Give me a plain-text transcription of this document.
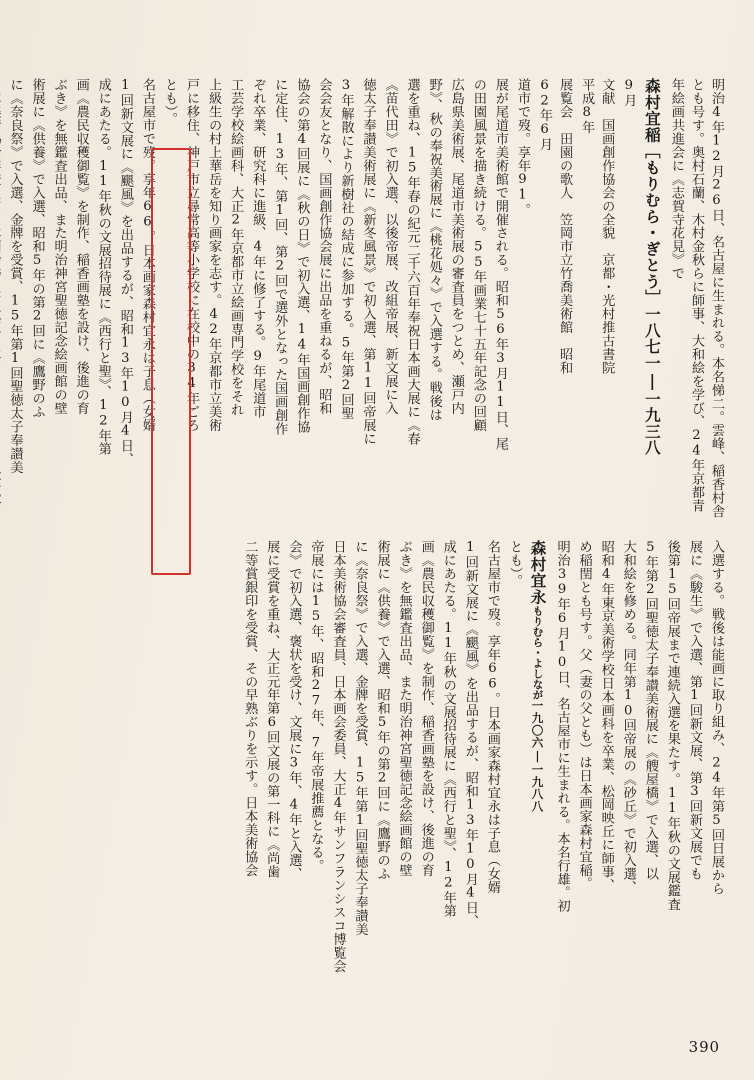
に《奈良祭》で入選、金牌を受賞、15年第1回聖徳太子奉讃美 術展に《供養》で入選、昭和5年の第2回に《鷹野のふ ぶき》を無鑑査出品、また明治神宮聖徳記念絵画館の壁 画《農民収穫御覧》を制作、稲香画塾を設け、後進の育 成にあたる。11年秋の文展招待展に《西行と聖》、12年第 1回新文展に《颶風》を出品するが、昭和13年10月4日、 名古屋市で歿。享年66。日本画家森村宜永は子息（女婿 とも）。 戸に移住、神戸市立尋常高等小学校に在校中の34年ごろ 上級生の村上華岳を知り画家を志す。42年京都市立美術 工芸学校絵画科、大正2年京都市立絵画専門学校をそれ ぞれ卒業、研究科に進級、4年に修了する。9年尾道市 に定住、13年、第1回、第2回で選外となった国画創作 協会の第4回展に《秋の日》で初入選、14年国画創作協 会会友となり、国画創作協会展に出品を重ねるが、昭和 3年解散により新樹社の結成に参加する。5年第2回聖 徳太子奉讃美術展に《新冬風景》で初入選、第11回帝展に 《苗代田》で初入選、以後帝展、改組帝展、新文展に入 選を重ね、15年春の紀元二千六百年奉祝日本画大展に《春 野》、秋の奉祝美術展に《桃花処々》で入選する。戦後は 広島県美術展、尾道市美術展の審査員をつとめ、瀬戸内 の田園風景を描き続ける。55年画業七十五年記念の回顧 展が尾道市美術館で開催される。昭和56年3月11日、尾 道市で歿。享年91。	展覧会　田園の歌人　笠岡市立竹喬美術館　昭和62年6月	文献　国画創作協会の全貌　京都・光村推古書院　平成8年	9月 森村宜稲［もりむら・ぎとう］一八七一|一九三八	明治4年12月26日、名古屋に生まれる。本名悌二。雲峰、稲香村舎とも号す。奥村石蘭、木村金秋らに師事、大和絵を学び、24年京都青年絵画共進会に《志賀寺花見》で
二等賞銀印を受賞、その早熟ぶりを示す。日本美術協会 展に受賞を重ね、大正元年第6回文展の第一科に《尚歯 会》で初入選、褒状を受け、文展に3年、4年と入選、 帝展には15年、昭和27年、7年帝展推薦となる。 日本美術協会審査員、日本画会委員、大正4年サンフランシスコ博覧会 に《奈良祭》で入選、金牌を受賞、15年第1回聖徳太子奉讃美 術展に《供養》で入選、昭和5年の第2回に《鷹野のふ ぶき》を無鑑査出品、また明治神宮聖徳記念絵画館の壁 画《農民収穫御覧》を制作、稲香画塾を設け、後進の育 成にあたる。11年秋の文展招待展に《西行と聖》、12年第 1回新文展に《颶風》を出品するが、昭和13年10月4日、 名古屋市で歿。享年66。日本画家森村宜永は子息（女婿 とも）。 森村宜永もりむら・よしなが一九〇六|一九八八 明治39年6月10日、名古屋市に生まれる。本名行雄。初 め稲閏とも号す。父（妻の父とも）は日本画家森村宜稲。 昭和4年東京美術学校日本画科を卒業、松岡映丘に師事、 大和絵を修める。同年第10回帝展の《砂丘》で初入選、 5年第2回聖徳太子奉讃美術展に《艘屋橋》で入選、以 後第15回帝展まで連続入選を果たす。11年秋の文展鑑査 展に《駿生》で入選、第1回新文展、第3回新文展でも 入選する。戦後は能画に取り組み、24年第5回日展から
390
